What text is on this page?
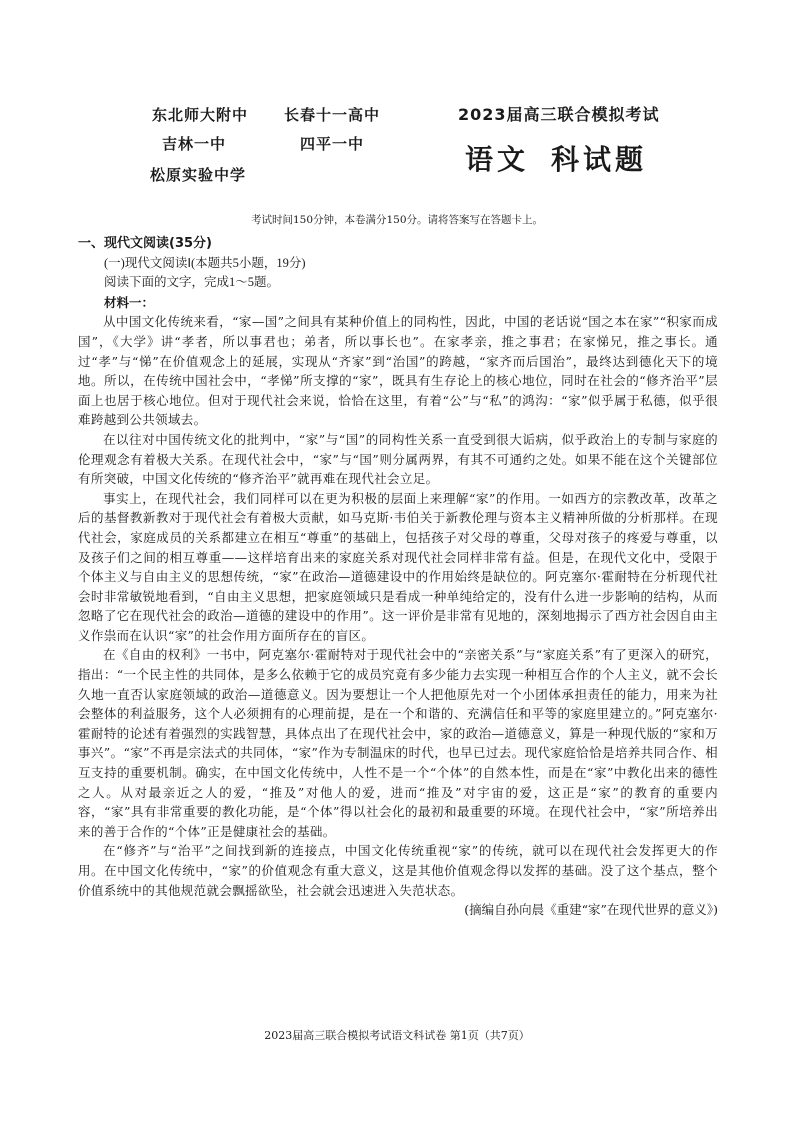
东北师大附中 长春十一高中
吉林一中	四平一中
松原实验中学
2023届高三联合模拟考试
语文 科试题
考试时间150分钟，本卷满分150分。请将答案写在答题卡上。

一、现代文阅读(35分)

(一)现代文阅读Ⅰ(本题共5小题，19分)

阅读下面的文字，完成1～5题。

材料一：

从中国文化传统来看，“家—国”之间具有某种价值上的同构性，因此，中国的老话说“国之本在家”“积家而成国”，《大学》讲“孝者，所以事君也；弟者，所以事长也”。在家孝亲，推之事君；在家悌兄，推之事长。通过“孝”与“悌”在价值观念上的延展，实现从“齐家”到“治国”的跨越，“家齐而后国治”，最终达到德化天下的境地。所以，在传统中国社会中，“孝悌”所支撑的“家”，既具有生存论上的核心地位，同时在社会的“修齐治平”层面上也居于核心地位。但对于现代社会来说，恰恰在这里，有着“公”与“私”的鸿沟：“家”似乎属于私德，似乎很难跨越到公共领域去。

在以往对中国传统文化的批判中，“家”与“国”的同构性关系一直受到很大诟病，似乎政治上的专制与家庭的伦理观念有着极大关系。在现代社会中，“家”与“国”则分属两界，有其不可通约之处。如果不能在这个关键部位有所突破，中国文化传统的“修齐治平”就再难在现代社会立足。

事实上，在现代社会，我们同样可以在更为积极的层面上来理解“家”的作用。一如西方的宗教改革，改革之后的基督教新教对于现代社会有着极大贡献，如马克斯·韦伯关于新教伦理与资本主义精神所做的分析那样。在现代社会，家庭成员的关系都建立在相互“尊重”的基础上，包括孩子对父母的尊重，父母对孩子的疼爱与尊重，以及孩子们之间的相互尊重——这样培育出来的家庭关系对现代社会同样非常有益。但是，在现代文化中，受限于个体主义与自由主义的思想传统，“家”在政治—道德建设中的作用始终是缺位的。阿克塞尔·霍耐特在分析现代社会时非常敏锐地看到，“自由主义思想，把家庭领域只是看成一种单纯给定的，没有什么进一步影响的结构，从而忽略了它在现代社会的政治—道德的建设中的作用”。这一评价是非常有见地的，深刻地揭示了西方社会因自由主义作祟而在认识“家”的社会作用方面所存在的盲区。

在《自由的权利》一书中，阿克塞尔·霍耐特对于现代社会中的“亲密关系”与“家庭关系”有了更深入的研究，指出：“一个民主性的共同体，是多么依赖于它的成员究竟有多少能力去实现一种相互合作的个人主义，就不会长久地一直否认家庭领域的政治—道德意义。因为要想让一个人把他原先对一个小团体承担责任的能力，用来为社会整体的利益服务，这个人必须拥有的心理前提，是在一个和谐的、充满信任和平等的家庭里建立的。”阿克塞尔·霍耐特的论述有着强烈的实践智慧，具体点出了在现代社会中，家的政治—道德意义，算是一种现代版的“家和万事兴”。“家”不再是宗法式的共同体，“家”作为专制温床的时代，也早已过去。现代家庭恰恰是培养共同合作、相互支持的重要机制。确实，在中国文化传统中，人性不是一个“个体”的自然本性，而是在“家”中教化出来的德性之人。从对最亲近之人的爱，“推及”对他人的爱，进而“推及”对宇宙的爱，这正是“家”的教育的重要内容，“家”具有非常重要的教化功能，是“个体”得以社会化的最初和最重要的环境。在现代社会中，“家”所培养出来的善于合作的“个体”正是健康社会的基础。

在“修齐”与“治平”之间找到新的连接点，中国文化传统重视“家”的传统，就可以在现代社会发挥更大的作用。在中国文化传统中，“家”的价值观念有重大意义，这是其他价值观念得以发挥的基础。没了这个基点，整个价值系统中的其他规范就会飘摇欲坠，社会就会迅速进入失范状态。

(摘编自孙向晨《重建“家”在现代世界的意义》)

2023届高三联合模拟考试语文科试卷 第1页（共7页）
